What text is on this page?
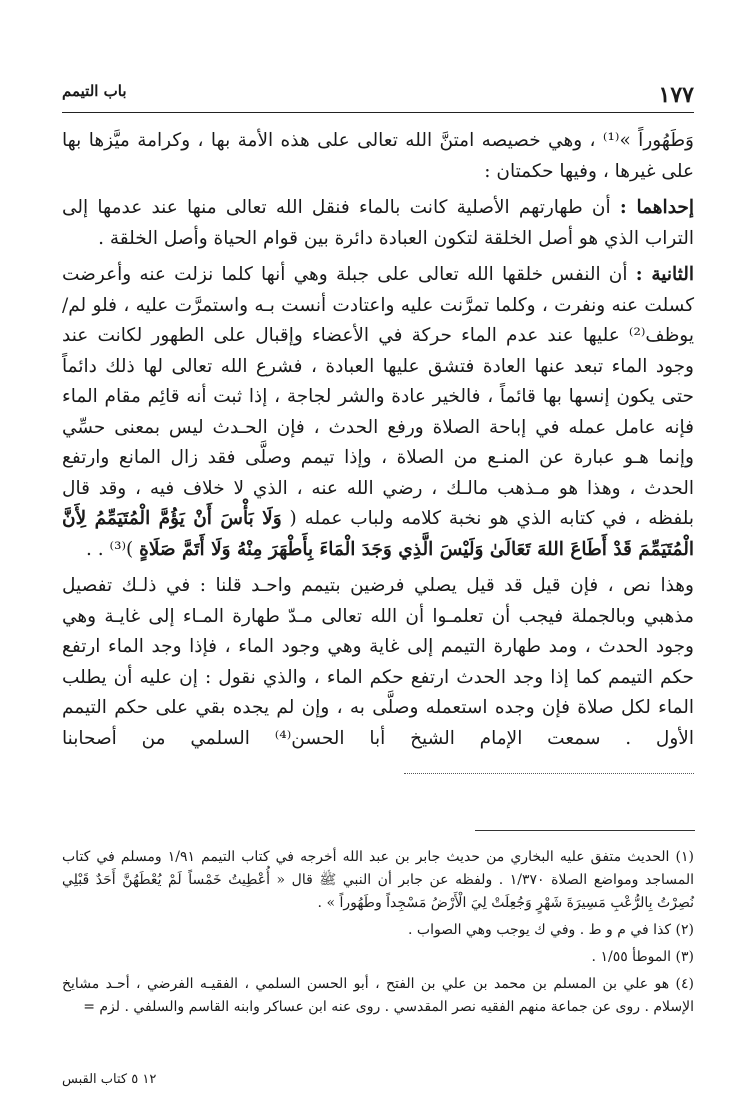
١٧٧
باب التيمم

وَطَهُوراً »⁽¹⁾ ، وهي خصيصه امتنَّ الله تعالى على هذه الأمة بها ، وكرامة ميَّزها بها على غيرها ، وفيها حكمتان :

إحداهما : أن طهارتهم الأصلية كانت بالماء فنقل الله تعالى منها عند عدمها إلى التراب الذي هو أصل الخلقة لتكون العبادة دائرة بين قوام الحياة وأصل الخلقة .

الثانية : أن النفس خلقها الله تعالى على جبلة وهي أنها كلما نزلت عنه وأعرضت كسلت عنه ونفرت ، وكلما تمرَّنت عليه واعتادت أنست بـه واستمرَّت عليه ، فلو لم/ يوظف⁽²⁾ عليها عند عدم الماء حركة في الأعضاء وإقبال على الطهور لكانت عند وجود الماء تبعد عنها العادة فتشق عليها العبادة ، فشرع الله تعالى لها ذلك دائماً حتى يكون إنسها بها قائماً ، فالخير عادة والشر لجاجة ، إذا ثبت أنه قائِم مقام الماء فإنه عامل عمله في إباحة الصلاة ورفع الحدث ، فإن الحـدث ليس بمعنى حسِّي وإنما هـو عبارة عن المنـع من الصلاة ، وإذا تيمم وصلَّى فقد زال المانع وارتفع الحدث ، وهذا هو مـذهب مالـك ، رضي الله عنه ، الذي لا خلاف فيه ، وقد قال بلفظه ، في كتابه الذي هو نخبة كلامه ولباب عمله ( وَلَا بَأْسَ أَنْ يَؤُمَّ الْمُتَيَمِّمُ لِأَنَّ الْمُتَيَمِّمَ قَدْ أَطَاعَ اللهَ تَعَالَىٰ وَلَيْسَ الَّذِي وَجَدَ الْمَاءَ بِأَطْهَرَ مِنْهُ وَلَا أَتَمَّ صَلَاةٍ )⁽³⁾ . .

وهذا نص ، فإن قيل قد قيل يصلي فرضين بتيمم واحـد قلنا : في ذلـك تفصيل مذهبي وبالجملة فيجب أن تعلمـوا أن الله تعالى مـدّ طهارة المـاء إلى غايـة وهي وجود الحدث ، ومد طهارة التيمم إلى غاية وهي وجود الماء ، فإذا وجد الماء ارتفع حكم التيمم كما إذا وجد الحدث ارتفع حكم الماء ، والذي نقول : إن عليه أن يطلب الماء لكل صلاة فإن وجده استعمله وصلَّى به ، وإن لم يجده بقي على حكم التيمم الأول . سمعت الإمام الشيخ أبا الحسن⁽⁴⁾ السلمي من أصحابنا

(١) الحديث متفق عليه البخاري من حديث جابر بن عبد الله أخرجه في كتاب التيمم ١/٩١ ومسلم في كتاب المساجد ومواضع الصلاة ١/٣٧٠ . ولفظه عن جابر أن النبي ﷺ قال « أُعْطِيتُ خَمْساً لَمْ يُعْطَهُنَّ أَحَدٌ قَبْلِي نُصِرْتُ بِالرُّعْبِ مَسِيرَةَ شَهْرٍ وَجُعِلَتْ لِيَ الْأَرْضُ مَسْجِداً وطَهُوراً » .

(٢) كذا في م و ط . وفي ك يوجب وهي الصواب .

(٣) الموطأ ١/٥٥ .

(٤) هو علي بن المسلم بن محمد بن علي بن الفتح ، أبو الحسن السلمي ، الفقيـه الفرضي ، أحـد مشايخ الإسلام . روى عن جماعة منهم الفقيه نصر المقدسي . روى عنه ابن عساكر وابنه القاسم والسلفي . لزم =

١٢ ٥ كتاب القبس
